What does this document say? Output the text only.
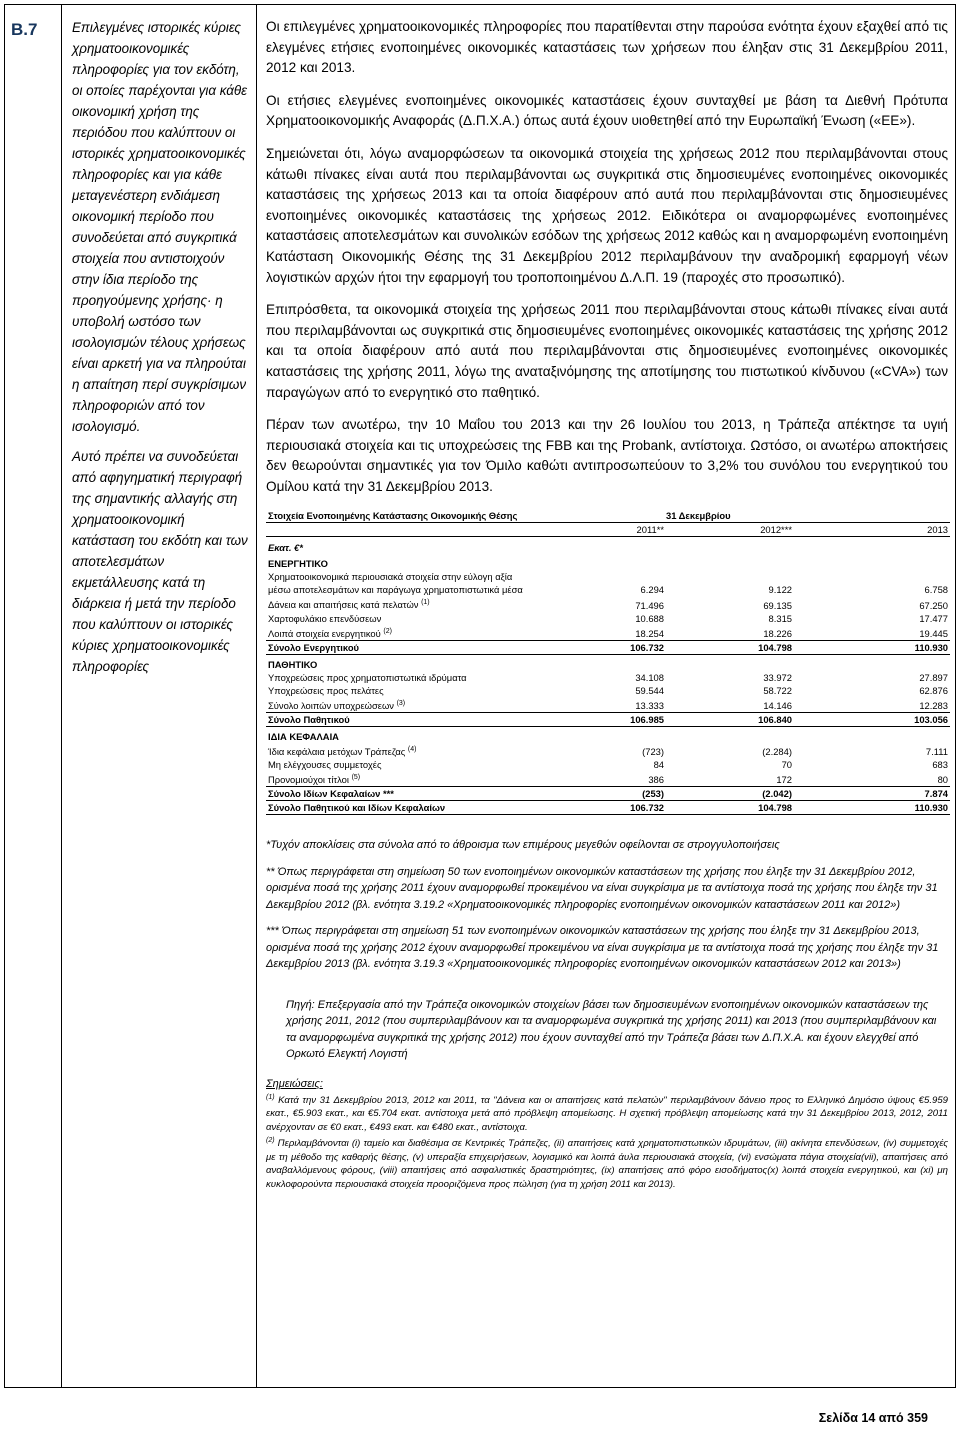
B.7	Επιλεγμένες ιστορικές κύριες χρηματοοικονομικές πληροφορίες για τον εκδότη, οι οποίες παρέχονται για κάθε οικονομική χρήση της περιόδου που καλύπτουν οι ιστορικές χρηματοοικονομικές πληροφορίες και για κάθε μεταγενέστερη ενδιάμεση οικονομική περίοδο που συνοδεύεται από συγκριτικά στοιχεία που αντιστοιχούν στην ίδια περίοδο της προηγούμενης χρήσης· η υποβολή ωστόσο των ισολογισμών τέλους χρήσεως είναι αρκετή για να πληρούται η απαίτηση περί συγκρίσιμων πληροφοριών από τον ισολογισμό.

Αυτό πρέπει να συνοδεύεται από αφηγηματική περιγραφή της σημαντικής αλλαγής στη χρηματοοικονομική κατάσταση του εκδότη και των αποτελεσμάτων εκμετάλλευσης κατά τη διάρκεια ή μετά την περίοδο που καλύπτουν οι ιστορικές κύριες χρηματοοικονομικές πληροφορίες

Οι επιλεγμένες χρηματοοικονομικές πληροφορίες που παρατίθενται στην παρούσα ενότητα έχουν εξαχθεί από τις ελεγμένες ετήσιες ενοποιημένες οικονομικές καταστάσεις των χρήσεων που έληξαν στις 31 Δεκεμβρίου 2011, 2012 και 2013.

Οι ετήσιες ελεγμένες ενοποιημένες οικονομικές καταστάσεις έχουν συνταχθεί με βάση τα Διεθνή Πρότυπα Χρηματοοικονομικής Αναφοράς (Δ.Π.Χ.Α.) όπως αυτά έχουν υιοθετηθεί από την Ευρωπαϊκή Ένωση («ΕΕ»).

Σημειώνεται ότι, λόγω αναμορφώσεων τα οικονομικά στοιχεία της χρήσεως 2012 που περιλαμβάνονται στους κάτωθι πίνακες είναι αυτά που περιλαμβάνονται ως συγκριτικά στις δημοσιευμένες ενοποιημένες οικονομικές καταστάσεις της χρήσεως 2013 και τα οποία διαφέρουν από αυτά που περιλαμβάνονται στις δημοσιευμένες ενοποιημένες οικονομικές καταστάσεις της χρήσεως 2012. Ειδικότερα οι αναμορφωμένες ενοποιημένες καταστάσεις αποτελεσμάτων και συνολικών εσόδων της χρήσεως 2012 καθώς και η αναμορφωμένη ενοποιημένη Κατάσταση Οικονομικής Θέσης της 31 Δεκεμβρίου 2012 περιλαμβάνουν την αναδρομική εφαρμογή νέων λογιστικών αρχών ήτοι την εφαρμογή του τροποποιημένου Δ.Λ.Π. 19 (παροχές στο προσωπικό).

Επιπρόσθετα, τα οικονομικά στοιχεία της χρήσεως 2011 που περιλαμβάνονται στους κάτωθι πίνακες είναι αυτά που περιλαμβάνονται ως συγκριτικά στις δημοσιευμένες ενοποιημένες οικονομικές καταστάσεις της χρήσης 2012 και τα οποία διαφέρουν από αυτά που περιλαμβάνονται στις δημοσιευμένες ενοποιημένες οικονομικές καταστάσεις της χρήσης 2011, λόγω της αναταξινόμησης της αποτίμησης του πιστωτικού κίνδυνου («CVA») των παραγώγων από το ενεργητικό στο παθητικό.

Πέραν των ανωτέρω, την 10 Μαΐου του 2013 και την 26 Ιουλίου του 2013, η Τράπεζα απέκτησε τα υγιή περιουσιακά στοιχεία και τις υποχρεώσεις της FBB και της Probank, αντίστοιχα. Ωστόσο, οι ανωτέρω αποκτήσεις δεν θεωρούνται σημαντικές για τον Όμιλο καθώτι αντιπροσωπεύουν το 3,2% του συνόλου του ενεργητικού του Ομίλου κατά την 31 Δεκεμβρίου 2013.

Στοιχεία Ενοποιημένης Κατάστασης Οικονομικής Θέσης	31 Δεκεμβρίου		
	2011**	2012***	2013
Εκατ. €*			
ΕΝΕΡΓΗΤΙΚΟ			
Χρηματοοικονομικά περιουσιακά στοιχεία στην εύλογη αξία			
μέσω αποτελεσμάτων και παράγωγα χρηματοπιστωτικά μέσα	6.294	9.122	6.758
Δάνεια και απαιτήσεις κατά πελατών $^{(1)}$	71.496	69.135	67.250
Χαρτοφυλάκιο επενδύσεων	10.688	8.315	17.477
Λοιπά στοιχεία ενεργητικού $^{(2)}$	18.254	18.226	19.445
Σύνολο Ενεργητικού	106.732	104.798	110.930
ΠΑΘΗΤΙΚΟ			
Υποχρεώσεις προς χρηματοπιστωτικά ιδρύματα	34.108	33.972	27.897
Υποχρεώσεις προς πελάτες	59.544	58.722	62.876
Σύνολο λοιπών υποχρεώσεων $^{(3)}$	13.333	14.146	12.283
Σύνολο Παθητικού	106.985	106.840	103.056
ΙΔΙΑ ΚΕΦΑΛΑΙΑ			
Ίδια κεφάλαια μετόχων Τράπεζας $^{(4)}$	(723)	(2.284)	7.111
Μη ελέγχουσες συμμετοχές	84	70	683
Προνομιούχοι τίτλοι $^{(5)}$	386	172	80
Σύνολο Ιδίων Κεφαλαίων ***	(253)	(2.042)	7.874
Σύνολο Παθητικού και Ιδίων Κεφαλαίων	106.732	104.798	110.930

*Τυχόν αποκλίσεις στα σύνολα από το άθροισμα των επιμέρους μεγεθών οφείλονται σε στρογγυλοποιήσεις

** Όπως περιγράφεται στη σημείωση 50 των ενοποιημένων οικονομικών καταστάσεων της χρήσης που έληξε την 31 Δεκεμβρίου 2012, ορισμένα ποσά της χρήσης 2011 έχουν αναμορφωθεί προκειμένου να είναι συγκρίσιμα με τα αντίστοιχα ποσά της χρήσης που έληξε την 31 Δεκεμβρίου 2012 (βλ. ενότητα 3.19.2 «Χρηματοοικονομικές πληροφορίες ενοποιημένων οικονομικών καταστάσεων 2011 και 2012»)

*** Όπως περιγράφεται στη σημείωση 51 των ενοποιημένων οικονομικών καταστάσεων της χρήσης που έληξε την 31 Δεκεμβρίου 2013, ορισμένα ποσά της χρήσης 2012 έχουν αναμορφωθεί προκειμένου να είναι συγκρίσιμα με τα αντίστοιχα ποσά της χρήσης που έληξε την 31 Δεκεμβρίου 2013 (βλ. ενότητα 3.19.3 «Χρηματοοικονομικές πληροφορίες ενοποιημένων οικονομικών καταστάσεων 2012 και 2013»)

Πηγή: Επεξεργασία από την Τράπεζα οικονομικών στοιχείων βάσει των δημοσιευμένων ενοποιημένων οικονομικών καταστάσεων της χρήσης 2011, 2012 (που συμπεριλαμβάνουν και τα αναμορφωμένα συγκριτικά της χρήσης 2011) και 2013 (που συμπεριλαμβάνουν και τα αναμορφωμένα συγκριτικά της χρήσης 2012) που έχουν συνταχθεί από την Τράπεζα βάσει των Δ.Π.Χ.Α. και έχουν ελεγχθεί από Ορκωτό Ελεγκτή Λογιστή

Σημειώσεις:

$^{(1)}$ Κατά την 31 Δεκεμβρίου 2013, 2012 και 2011, τα "Δάνεια και οι απαιτήσεις κατά πελατών" περιλαμβάνουν δάνειο προς το Ελληνικό Δημόσιο ύψους €5.959 εκατ., €5.903 εκατ., και €5.704 εκατ. αντίστοιχα μετά από πρόβλεψη απομείωσης. Η σχετική πρόβλεψη απομείωσης κατά την 31 Δεκεμβρίου 2013, 2012, 2011 ανέρχονταν σε €0 εκατ., €493 εκατ. και €480 εκατ., αντίστοιχα.

$^{(2)}$ Περιλαμβάνονται (i) ταμείο και διαθέσιμα σε Κεντρικές Τράπεζες, (ii) απαιτήσεις κατά χρηματοπιστωτικών ιδρυμάτων, (iii) ακίνητα επενδύσεων, (iv) συμμετοχές με τη μέθοδο της καθαρής θέσης, (v) υπεραξία επιχειρήσεων, λογισμικό και λοιπά άυλα περιουσιακά στοιχεία, (vi) ενσώματα πάγια στοιχεία(vii), απαιτήσεις από αναβαλλόμενους φόρους, (viii) απαιτήσεις από ασφαλιστικές δραστηριότητες, (ix) απαιτήσεις από φόρο εισοδήματος(x) λοιπά στοιχεία ενεργητικού, και (xi) μη κυκλοφορούντα περιουσιακά στοιχεία προοριζόμενα προς πώληση (για τη χρήση 2011 και 2013).

Σελίδα 14 από 359
